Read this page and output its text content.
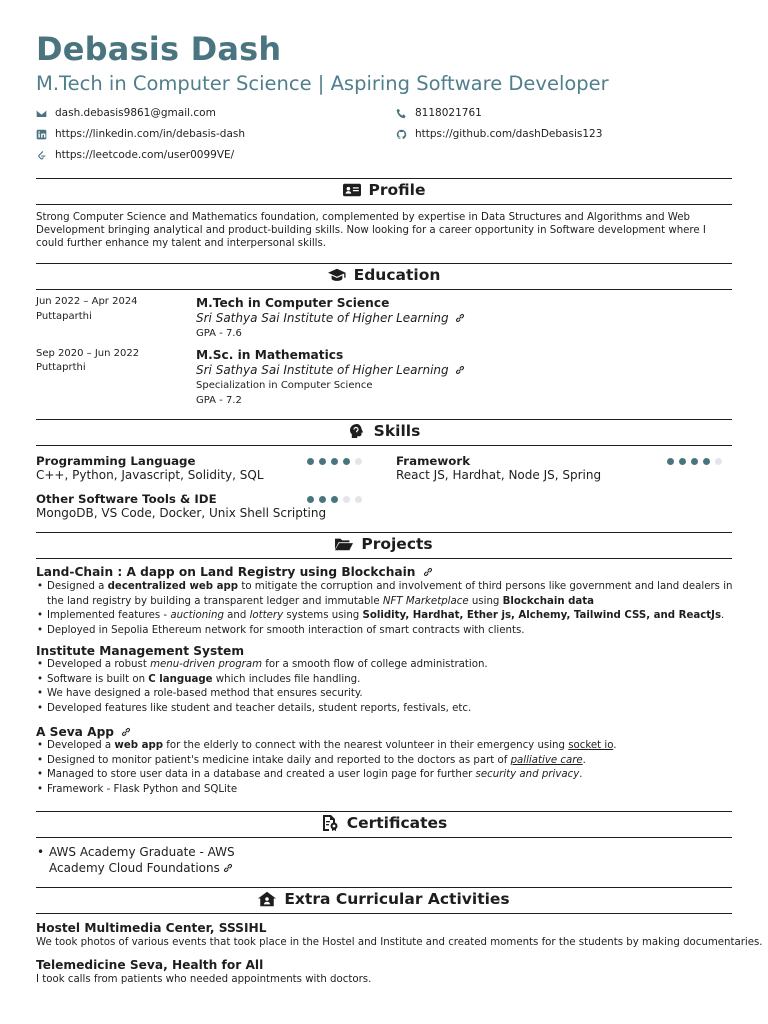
Debasis Dash
M.Tech in Computer Science | Aspiring Software Developer
dash.debasis9861@gmail.com	8118021761
https://linkedin.com/in/debasis-dash	https://github.com/dashDebasis123
https://leetcode.com/user0099VE/
Profile
Strong Computer Science and Mathematics foundation, complemented by expertise in Data Structures and Algorithms and Web Development bringing analytical and product-building skills. Now looking for a career opportunity in Software development where I could further enhance my talent and interpersonal skills.
Education
Jun 2022 – Apr 2024
Puttaparthi
M.Tech in Computer Science
Sri Sathya Sai Institute of Higher Learning
GPA - 7.6
Sep 2020 – Jun 2022
Puttaprthi
M.Sc. in Mathematics
Sri Sathya Sai Institute of Higher Learning
Specialization in Computer Science
GPA - 7.2
Skills
Programming Language
C++, Python, Javascript, Solidity, SQL
Framework
React JS, Hardhat, Node JS, Spring
Other Software Tools & IDE
MongoDB, VS Code, Docker, Unix Shell Scripting
Projects
Land-Chain : A dapp on Land Registry using Blockchain
• Designed a decentralized web app to mitigate the corruption and involvement of third persons like government and land dealers in the land registry by building a transparent ledger and immutable NFT Marketplace using Blockchain data
• Implemented features - auctioning and lottery systems using Solidity, Hardhat, Ether js, Alchemy, Tailwind CSS, and ReactJs.
• Deployed in Sepolia Ethereum network for smooth interaction of smart contracts with clients.
Institute Management System
• Developed a robust menu-driven program for a smooth flow of college administration.
• Software is built on C language which includes file handling.
• We have designed a role-based method that ensures security.
• Developed features like student and teacher details, student reports, festivals, etc.
A Seva App
• Developed a web app for the elderly to connect with the nearest volunteer in their emergency using socket io.
• Designed to monitor patient's medicine intake daily and reported to the doctors as part of palliative care.
• Managed to store user data in a database and created a user login page for further security and privacy.
• Framework - Flask Python and SQLite
Certificates
• AWS Academy Graduate - AWS
Academy Cloud Foundations
Extra Curricular Activities
Hostel Multimedia Center, SSSIHL
We took photos of various events that took place in the Hostel and Institute and created moments for the students by making documentaries.
Telemedicine Seva, Health for All
I took calls from patients who needed appointments with doctors.
